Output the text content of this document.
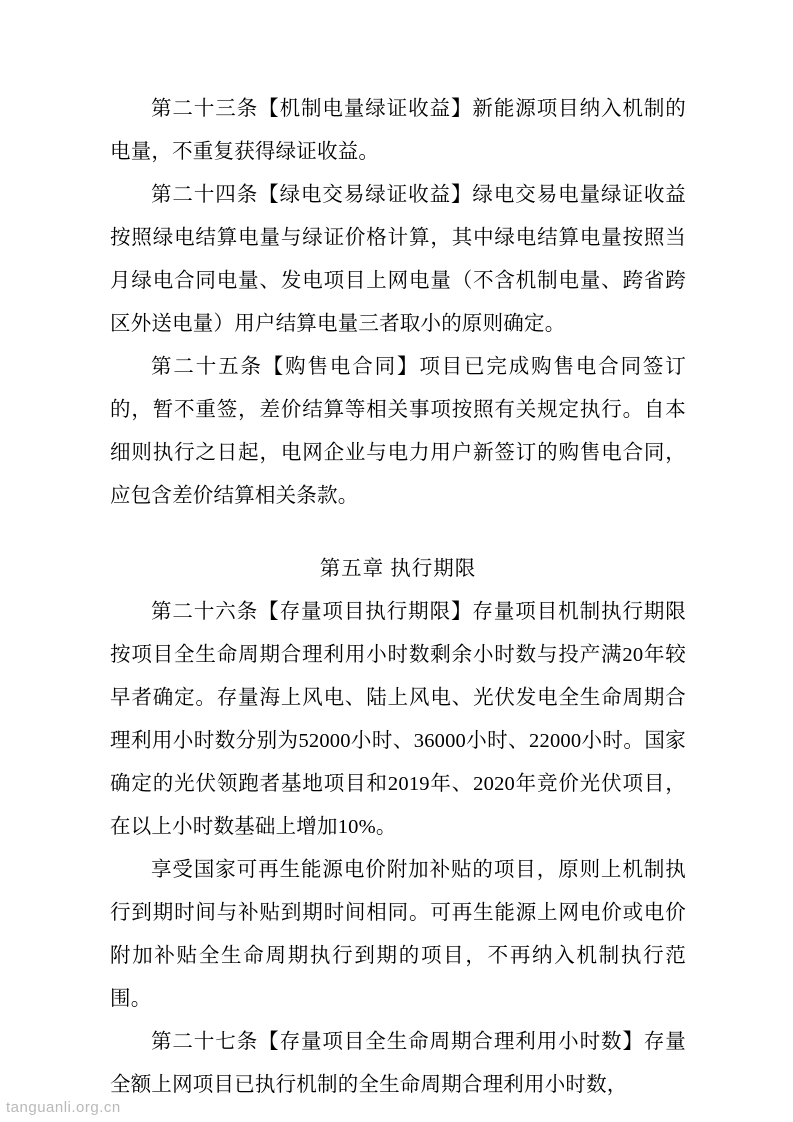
第二十三条【机制电量绿证收益】新能源项目纳入机制的电量，不重复获得绿证收益。

第二十四条【绿电交易绿证收益】绿电交易电量绿证收益按照绿电结算电量与绿证价格计算，其中绿电结算电量按照当月绿电合同电量、发电项目上网电量（不含机制电量、跨省跨区外送电量）用户结算电量三者取小的原则确定。

第二十五条【购售电合同】项目已完成购售电合同签订的，暂不重签，差价结算等相关事项按照有关规定执行。自本细则执行之日起，电网企业与电力用户新签订的购售电合同，应包含差价结算相关条款。

第五章 执行期限

第二十六条【存量项目执行期限】存量项目机制执行期限按项目全生命周期合理利用小时数剩余小时数与投产满20年较早者确定。存量海上风电、陆上风电、光伏发电全生命周期合理利用小时数分别为52000小时、36000小时、22000小时。国家确定的光伏领跑者基地项目和2019年、2020年竞价光伏项目，在以上小时数基础上增加10%。

享受国家可再生能源电价附加补贴的项目，原则上机制执行到期时间与补贴到期时间相同。可再生能源上网电价或电价附加补贴全生命周期执行到期的项目，不再纳入机制执行范围。

第二十七条【存量项目全生命周期合理利用小时数】存量全额上网项目已执行机制的全生命周期合理利用小时数，

tanguanli.org.cn
